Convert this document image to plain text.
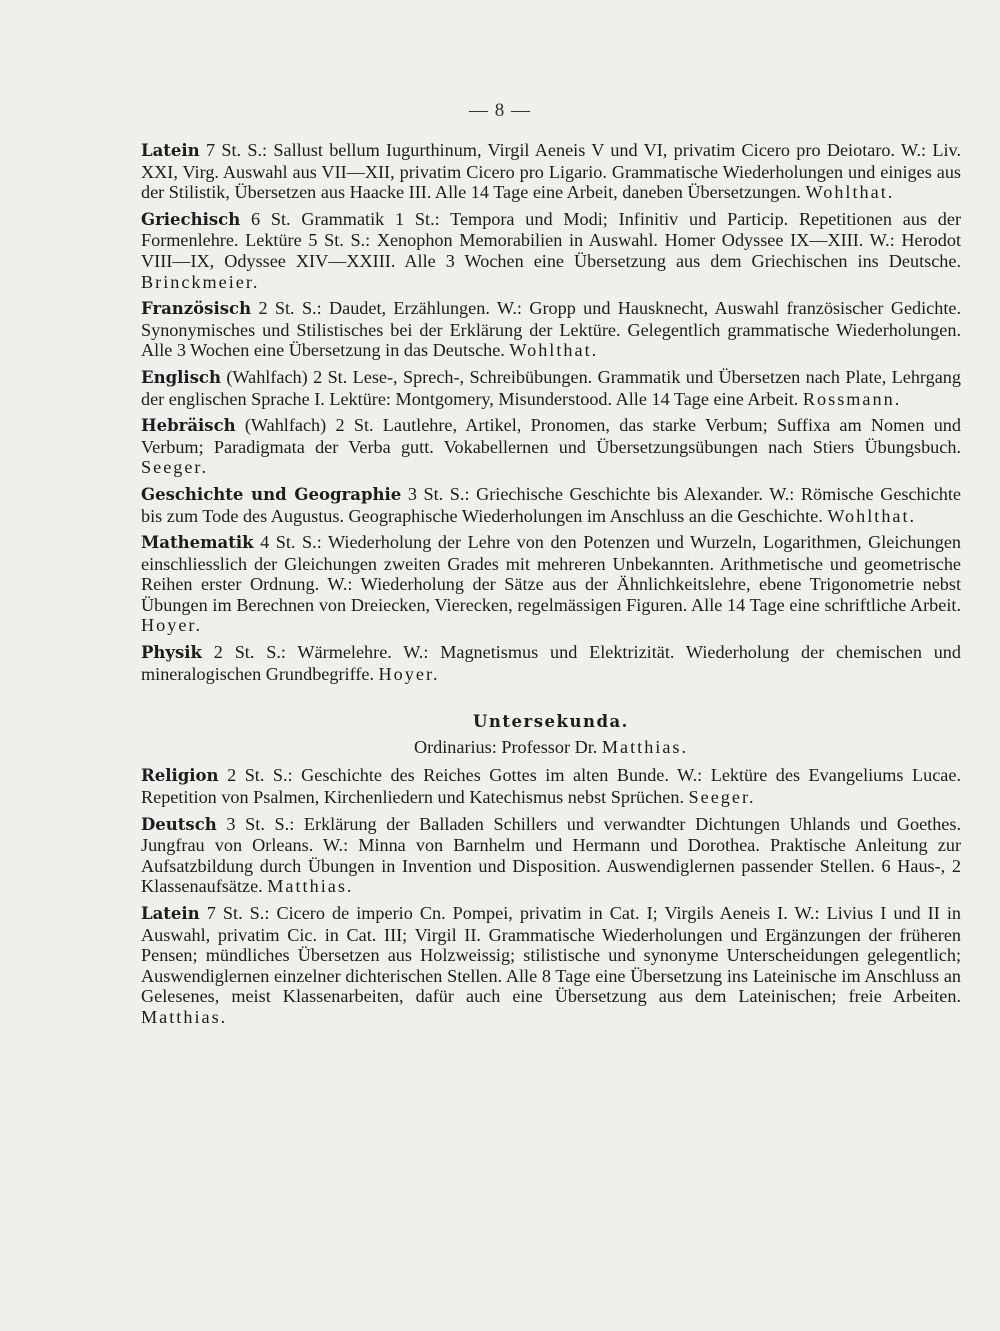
— 8 —

Latein 7 St. S.: Sallust bellum Iugurthinum, Virgil Aeneis V und VI, privatim Cicero pro Deiotaro. W.: Liv. XXI, Virg. Auswahl aus VII—XII, privatim Cicero pro Ligario. Grammatische Wiederholungen und einiges aus der Stilistik, Übersetzen aus Haacke III. Alle 14 Tage eine Arbeit, daneben Übersetzungen. Wohlthat.

Griechisch 6 St. Grammatik 1 St.: Tempora und Modi; Infinitiv und Particip. Repetitionen aus der Formenlehre. Lektüre 5 St. S.: Xenophon Memorabilien in Auswahl. Homer Odyssee IX—XIII. W.: Herodot VIII—IX, Odyssee XIV—XXIII. Alle 3 Wochen eine Übersetzung aus dem Griechischen ins Deutsche. Brinckmeier.

Französisch 2 St. S.: Daudet, Erzählungen. W.: Gropp und Hausknecht, Auswahl französischer Gedichte. Synonymisches und Stilistisches bei der Erklärung der Lektüre. Gelegentlich grammatische Wiederholungen. Alle 3 Wochen eine Übersetzung in das Deutsche. Wohlthat.

Englisch (Wahlfach) 2 St. Lese-, Sprech-, Schreibübungen. Grammatik und Übersetzen nach Plate, Lehrgang der englischen Sprache I. Lektüre: Montgomery, Misunderstood. Alle 14 Tage eine Arbeit. Rossmann.

Hebräisch (Wahlfach) 2 St. Lautlehre, Artikel, Pronomen, das starke Verbum; Suffixa am Nomen und Verbum; Paradigmata der Verba gutt. Vokabellernen und Übersetzungsübungen nach Stiers Übungsbuch. Seeger.

Geschichte und Geographie 3 St. S.: Griechische Geschichte bis Alexander. W.: Römische Geschichte bis zum Tode des Augustus. Geographische Wiederholungen im Anschluss an die Geschichte. Wohlthat.

Mathematik 4 St. S.: Wiederholung der Lehre von den Potenzen und Wurzeln, Logarithmen, Gleichungen einschliesslich der Gleichungen zweiten Grades mit mehreren Unbekannten. Arithmetische und geometrische Reihen erster Ordnung. W.: Wiederholung der Sätze aus der Ähnlichkeitslehre, ebene Trigonometrie nebst Übungen im Berechnen von Dreiecken, Vierecken, regelmässigen Figuren. Alle 14 Tage eine schriftliche Arbeit. Hoyer.

Physik 2 St. S.: Wärmelehre. W.: Magnetismus und Elektrizität. Wiederholung der chemischen und mineralogischen Grundbegriffe. Hoyer.

Untersekunda.
Ordinarius: Professor Dr. Matthias.

Religion 2 St. S.: Geschichte des Reiches Gottes im alten Bunde. W.: Lektüre des Evangeliums Lucae. Repetition von Psalmen, Kirchenliedern und Katechismus nebst Sprüchen. Seeger.

Deutsch 3 St. S.: Erklärung der Balladen Schillers und verwandter Dichtungen Uhlands und Goethes. Jungfrau von Orleans. W.: Minna von Barnhelm und Hermann und Dorothea. Praktische Anleitung zur Aufsatzbildung durch Übungen in Invention und Disposition. Auswendiglernen passender Stellen. 6 Haus-, 2 Klassenaufsätze. Matthias.

Latein 7 St. S.: Cicero de imperio Cn. Pompei, privatim in Cat. I; Virgils Aeneis I. W.: Livius I und II in Auswahl, privatim Cic. in Cat. III; Virgil II. Grammatische Wiederholungen und Ergänzungen der früheren Pensen; mündliches Übersetzen aus Holzweissig; stilistische und synonyme Unterscheidungen gelegentlich; Auswendiglernen einzelner dichterischen Stellen. Alle 8 Tage eine Übersetzung ins Lateinische im Anschluss an Gelesenes, meist Klassenarbeiten, dafür auch eine Übersetzung aus dem Lateinischen; freie Arbeiten. Matthias.
